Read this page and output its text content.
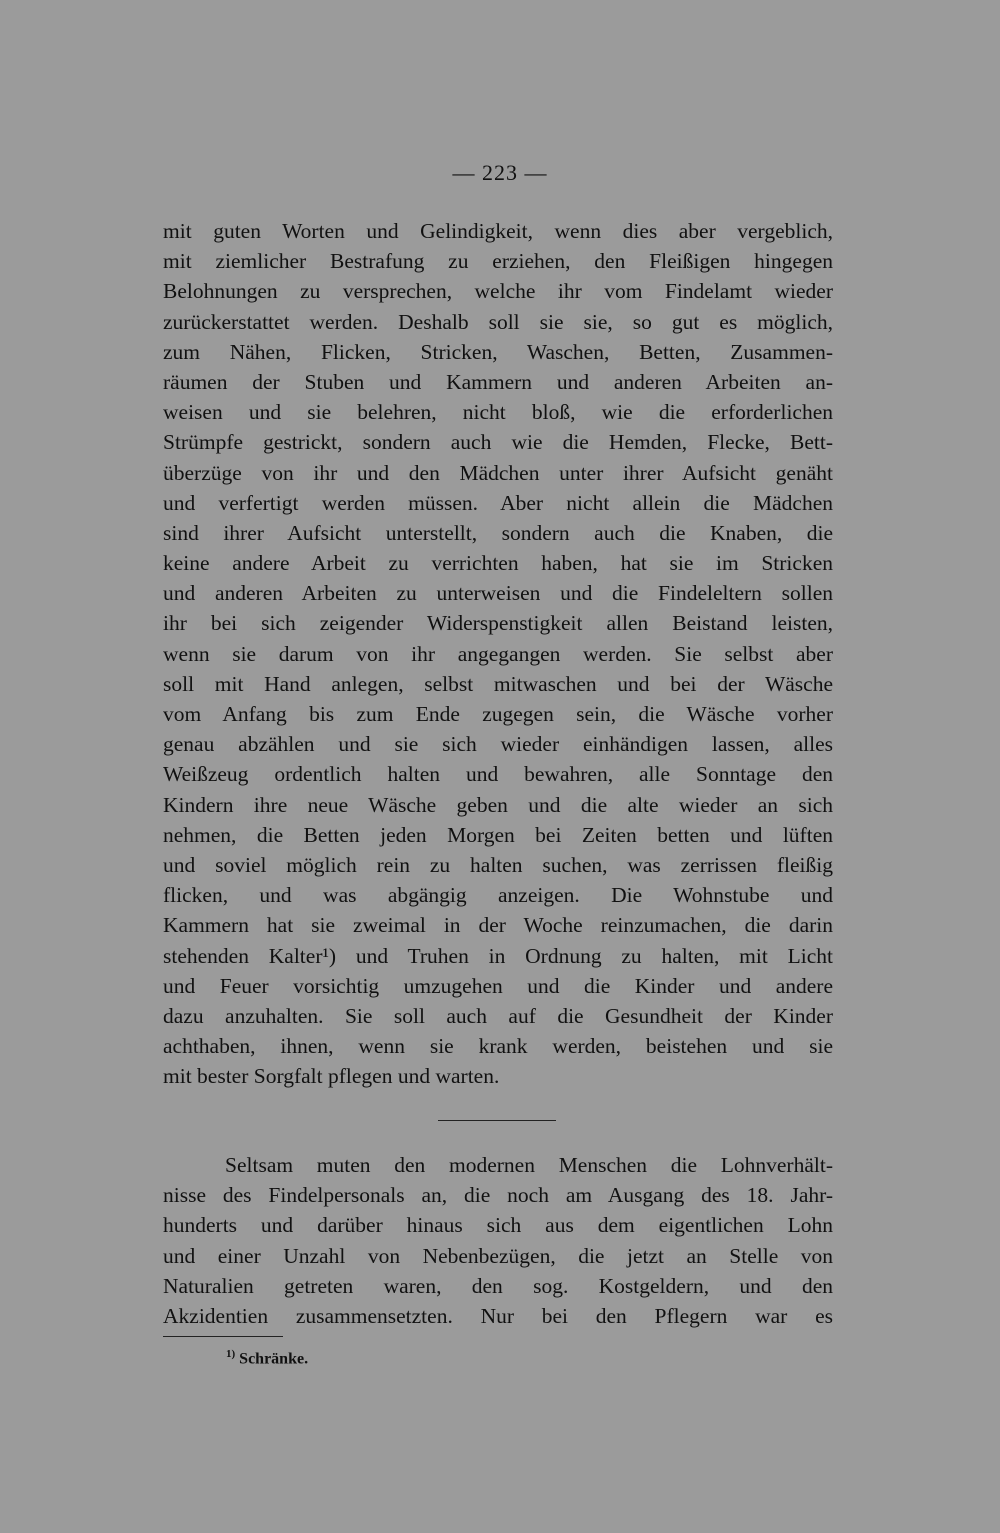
— 223 —
mit guten Worten und Gelindigkeit, wenn dies aber vergeblich,
mit ziemlicher Bestrafung zu erziehen, den Fleißigen hingegen
Belohnungen zu versprechen, welche ihr vom Findelamt wieder
zurückerstattet werden. Deshalb soll sie sie, so gut es möglich,
zum Nähen, Flicken, Stricken, Waschen, Betten, Zusammen-
räumen der Stuben und Kammern und anderen Arbeiten an-
weisen und sie belehren, nicht bloß, wie die erforderlichen
Strümpfe gestrickt, sondern auch wie die Hemden, Flecke, Bett-
überzüge von ihr und den Mädchen unter ihrer Aufsicht genäht
und verfertigt werden müssen. Aber nicht allein die Mädchen
sind ihrer Aufsicht unterstellt, sondern auch die Knaben, die
keine andere Arbeit zu verrichten haben, hat sie im Stricken
und anderen Arbeiten zu unterweisen und die Findeleltern sollen
ihr bei sich zeigender Widerspenstigkeit allen Beistand leisten,
wenn sie darum von ihr angegangen werden. Sie selbst aber
soll mit Hand anlegen, selbst mitwaschen und bei der Wäsche
vom Anfang bis zum Ende zugegen sein, die Wäsche vorher
genau abzählen und sie sich wieder einhändigen lassen, alles
Weißzeug ordentlich halten und bewahren, alle Sonntage den
Kindern ihre neue Wäsche geben und die alte wieder an sich
nehmen, die Betten jeden Morgen bei Zeiten betten und lüften
und soviel möglich rein zu halten suchen, was zerrissen fleißig
flicken, und was abgängig anzeigen. Die Wohnstube und
Kammern hat sie zweimal in der Woche reinzumachen, die darin
stehenden Kalter¹) und Truhen in Ordnung zu halten, mit Licht
und Feuer vorsichtig umzugehen und die Kinder und andere
dazu anzuhalten. Sie soll auch auf die Gesundheit der Kinder
achthaben, ihnen, wenn sie krank werden, beistehen und sie
mit bester Sorgfalt pflegen und warten.
Seltsam muten den modernen Menschen die Lohnverhält-
nisse des Findelpersonals an, die noch am Ausgang des 18. Jahr-
hunderts und darüber hinaus sich aus dem eigentlichen Lohn
und einer Unzahl von Nebenbezügen, die jetzt an Stelle von
Naturalien getreten waren, den sog. Kostgeldern, und den
Akzidentien zusammensetzten. Nur bei den Pflegern war es
$^{1)}$ Schränke.
